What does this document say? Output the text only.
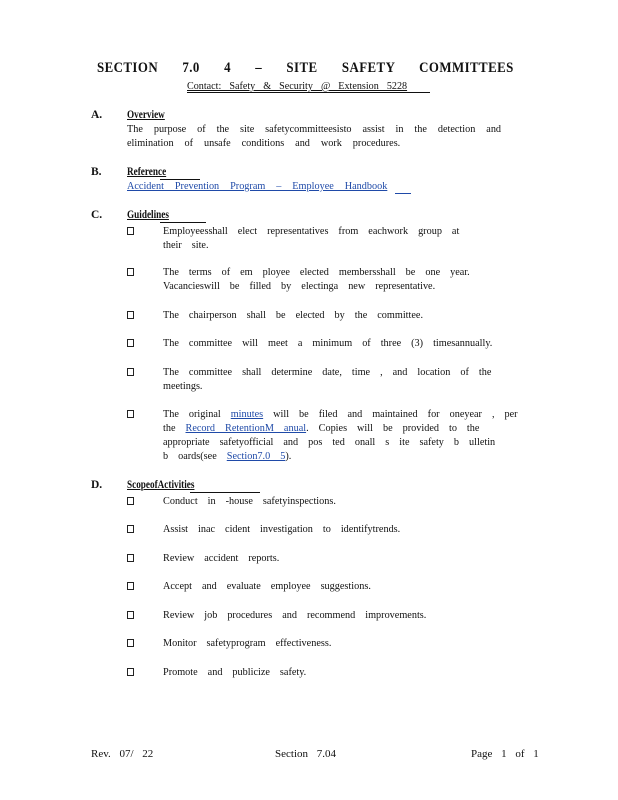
SECTION 7.0 4 – SITE SAFETY COMMITTEES
Contact: Safety & Security @ Extension 5228
A. Overview
The purpose of the site safetycommitteesisto assist in the detection and
elimination of unsafe conditions and work procedures.
B. Reference
Accident Prevention Program – Employee Handbook
C. Guidelines
Employeesshall elect representatives from eachwork group at
their site.
The terms of em ployee elected membersshall be one year.
Vacancieswill be filled by electinga new representative.
The chairperson shall be elected by the committee.
The committee will meet a minimum of three (3) timesannually.
The committee shall determine date, time , and location of the
meetings.
The original minutes will be filed and maintained for oneyear , per
the Record RetentionM anual. Copies will be provided to the
appropriate safetyofficial and pos ted onall s ite safety b ulletin
b oards(see Section7.0 5).
D. ScopeofActivities
Conduct in -house safetyinspections.
Assist inac cident investigation to identifytrends.
Review accident reports.
Accept and evaluate employee suggestions.
Review job procedures and recommend improvements.
Monitor safetyprogram effectiveness.
Promote and publicize safety.
Rev. 07/ 22	Section 7.04	Page 1 of 1
